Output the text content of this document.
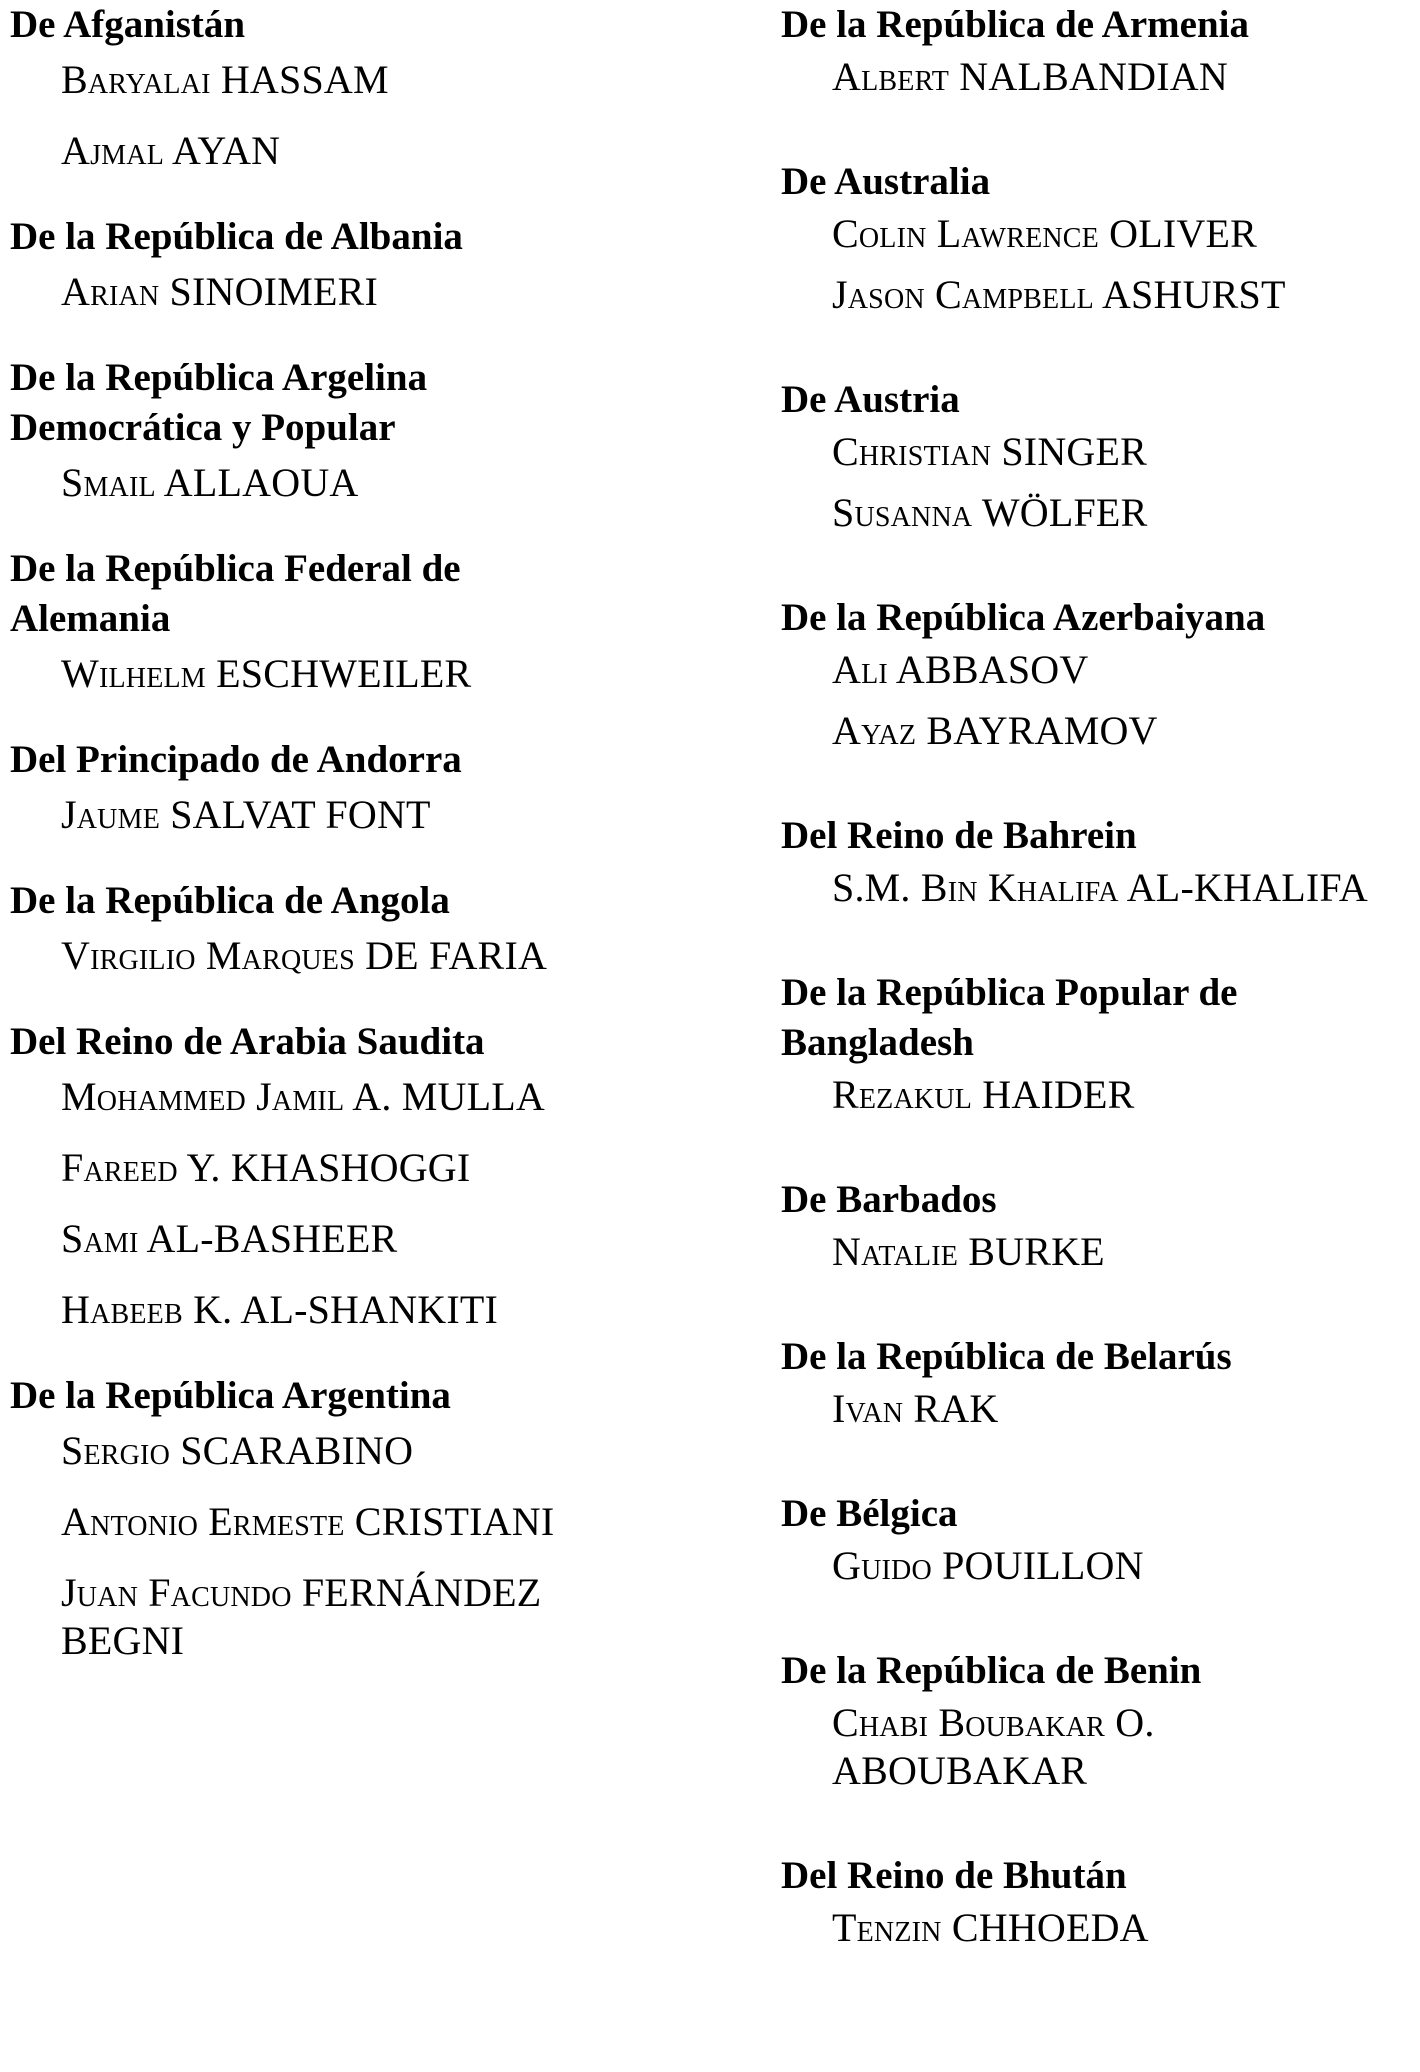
De Afganistán

Baryalai HASSAM

Ajmal AYAN

De la República de Albania

Arian SINOIMERI

De la República Argelina Democrática y Popular

Smail ALLAOUA

De la República Federal de Alemania

Wilhelm ESCHWEILER

Del Principado de Andorra

Jaume SALVAT FONT

De la República de Angola

Virgilio Marques DE FARIA

Del Reino de Arabia Saudita

Mohammed Jamil A. MULLA

Fareed Y. KHASHOGGI

Sami AL-BASHEER

Habeeb K. AL-SHANKITI

De la República Argentina

Sergio SCARABINO

Antonio Ermeste CRISTIANI

Juan Facundo FERNÁNDEZ BEGNI

De la República de Armenia

Albert NALBANDIAN

De Australia

Colin Lawrence OLIVER

Jason Campbell ASHURST

De Austria

Christian SINGER

Susanna WÖLFER

De la República Azerbaiyana

Ali ABBASOV

Ayaz BAYRAMOV

Del Reino de Bahrein

S.M. Bin Khalifa AL-KHALIFA

De la República Popular de Bangladesh

Rezakul HAIDER

De Barbados

Natalie BURKE

De la República de Belarús

Ivan RAK

De Bélgica

Guido POUILLON

De la República de Benin

Chabi Boubakar O. ABOUBAKAR

Del Reino de Bhután

Tenzin CHHOEDA
